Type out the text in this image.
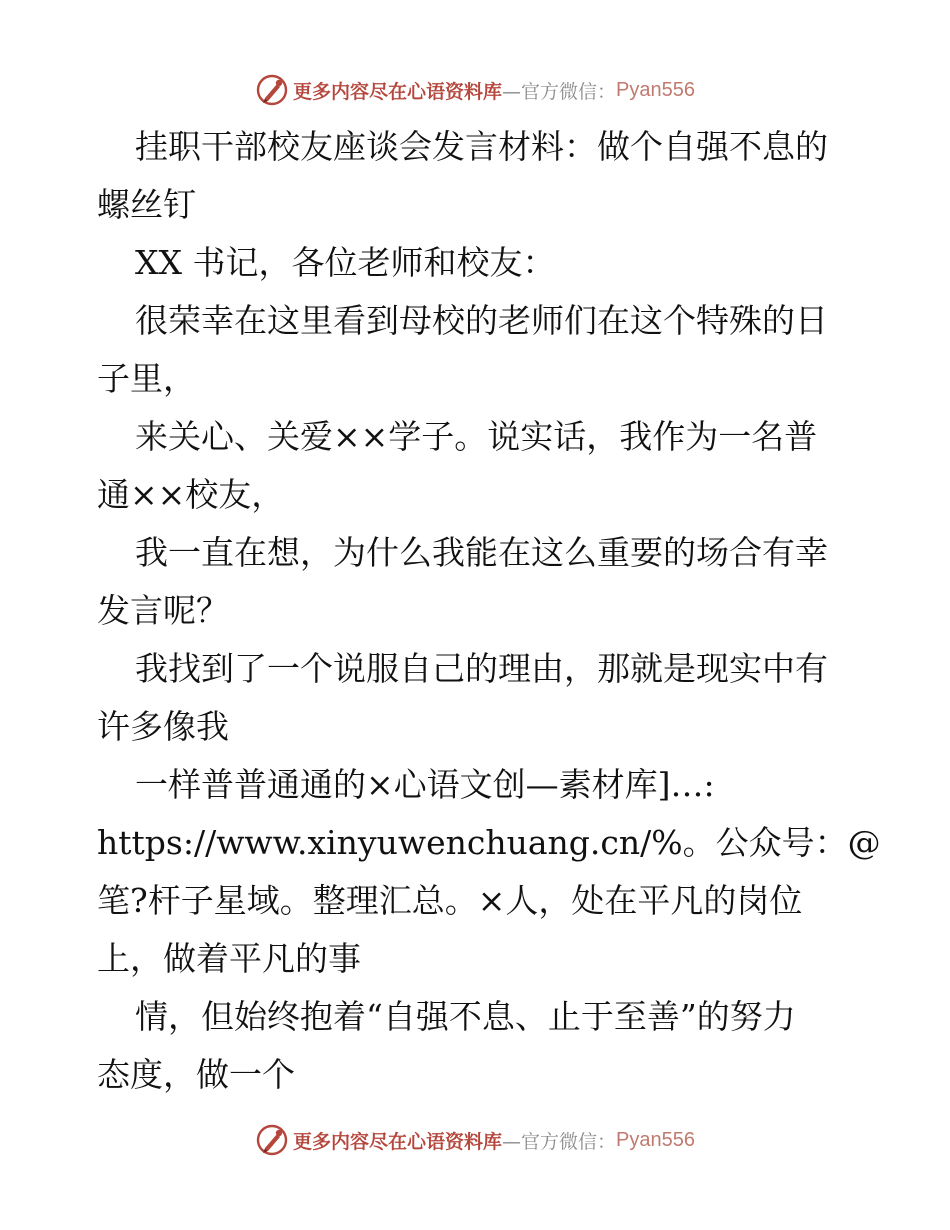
更多内容尽在心语资料库 —官方微信： Pyan556
挂职干部校友座谈会发言材料：做个自强不息的
螺丝钉
XX 书记，各位老师和校友：
很荣幸在这里看到母校的老师们在这个特殊的日
子里，
来关心、关爱××学子。说实话，我作为一名普
通××校友，
我一直在想，为什么我能在这么重要的场合有幸
发言呢？
我找到了一个说服自己的理由，那就是现实中有
许多像我
一样普普通通的×心语文创—素材库]…:
https://www.xinyuwenchuang.cn/%。公众号：@
笔?杆子星域。整理汇总。×人，处在平凡的岗位
上，做着平凡的事
情，但始终抱着“自强不息、止于至善”的努力
态度，做一个
更多内容尽在心语资料库 —官方微信： Pyan556
